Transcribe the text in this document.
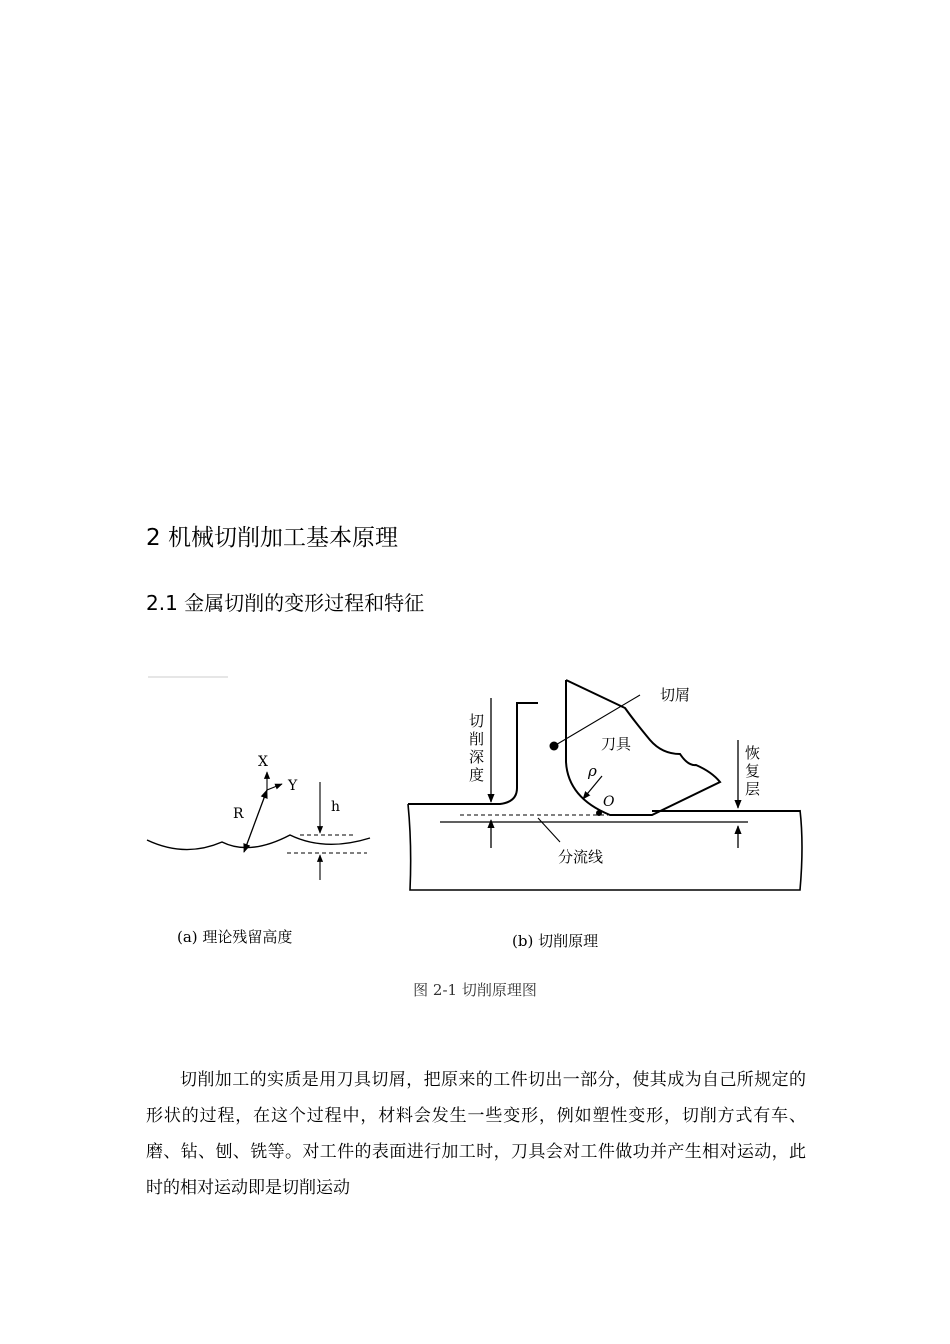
2 机械切削加工基本原理
2.1 金属切削的变形过程和特征
X
Y
R	h
(a) 理论残留高度
切屑
切
削
深
度
刀具
ρ
O
恢
复
层
分流线
(b) 切削原理
图 2-1 切削原理图

切削加工的实质是用刀具切屑，把原来的工件切出一部分，使其成为自己所规定的形状的过程，在这个过程中，材料会发生一些变形，例如塑性变形，切削方式有车、磨、钻、刨、铣等。对工件的表面进行加工时，刀具会对工件做功并产生相对运动，此时的相对运动即是切削运动
